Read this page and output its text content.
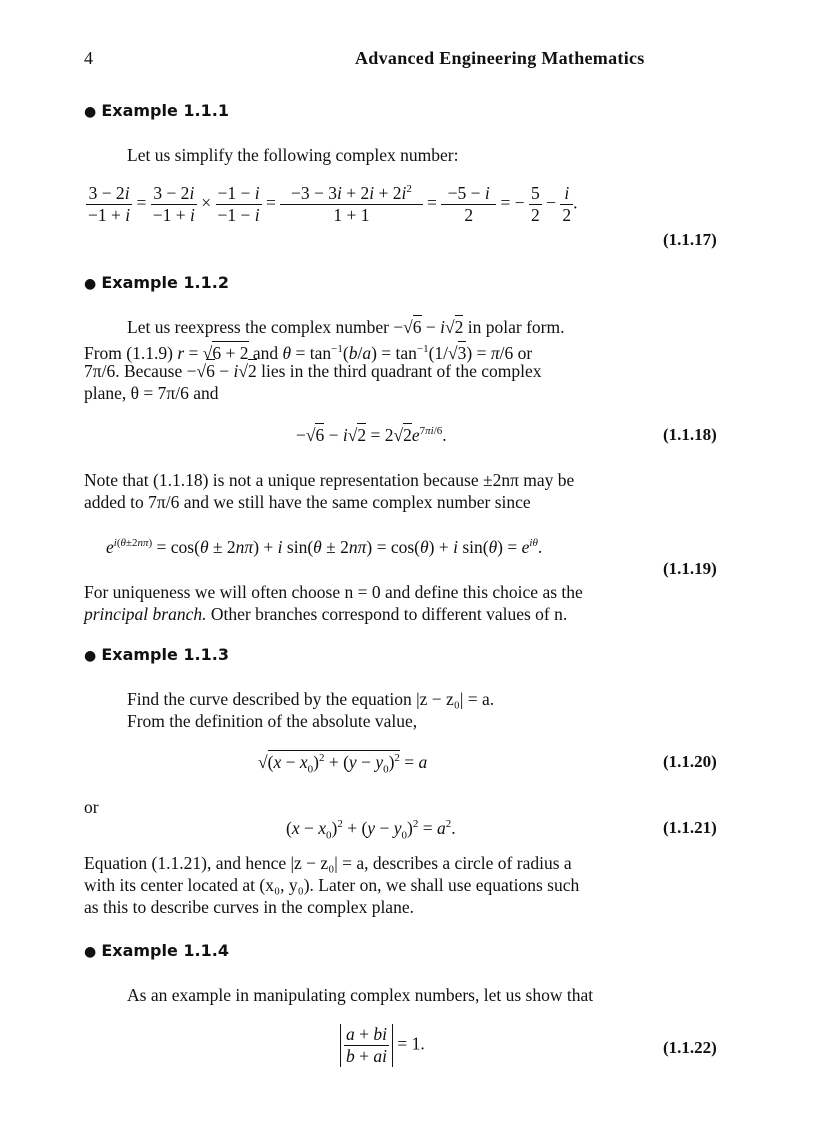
4	Advanced Engineering Mathematics
● Example 1.1.1
Let us simplify the following complex number:
$\frac{3 - 2i}{-1 + i} = \frac{3 - 2i}{-1 + i} \times \frac{-1 - i}{-1 - i} = \frac{-3 - 3i + 2i + 2i^2}{1 + 1} = \frac{-5 - i}{2}$ = − $\frac{5}{2} - \frac{i}{2}$ .
(1.1.17)
● Example 1.1.2
Let us reexpress the complex number −√6 − i√2 in polar form.
From (1.1.9) r = √6 + 2 and $\theta = \tan^{-1}(b/a) = \tan^{-1}(1/√3) = \pi/6$ or
7π/6. Because −√6 − i√2 lies in the third quadrant of the complex
plane, θ = 7π/6 and
$-√6 - i√2 = 2√2e^{7\pi i/6}$.	(1.1.18)
Note that (1.1.18) is not a unique representation because ±2nπ may be
added to 7π/6 and we still have the same complex number since
$e^{i(\theta\pm 2n\pi)} = \cos(\theta \pm 2n\pi) + i$ sin(θ ± 2nπ) = cos(θ) + i $\sin(\theta) = e^{i\theta}$.
(1.1.19)
For uniqueness we will often choose n = 0 and define this choice as the
principal branch. Other branches correspond to different values of n.
● Example 1.1.3
Find the curve described by the equation |z − z₀| = a.
From the definition of the absolute value,
$√(x - x_0)^2 + (y - y_0)^2 = a$	(1.1.20)
or
$(x - x_0)^2 + (y - y_0)^2 = a^2$.	(1.1.21)
Equation (1.1.21), and hence |z − z₀| = a, describes a circle of radius a
with its center located at (x₀, y₀). Later on, we shall use equations such
as this to describe curves in the complex plane.
● Example 1.1.4
As an example in manipulating complex numbers, let us show that
$\frac{a + bi}{b + ai} = 1$.	(1.1.22)
